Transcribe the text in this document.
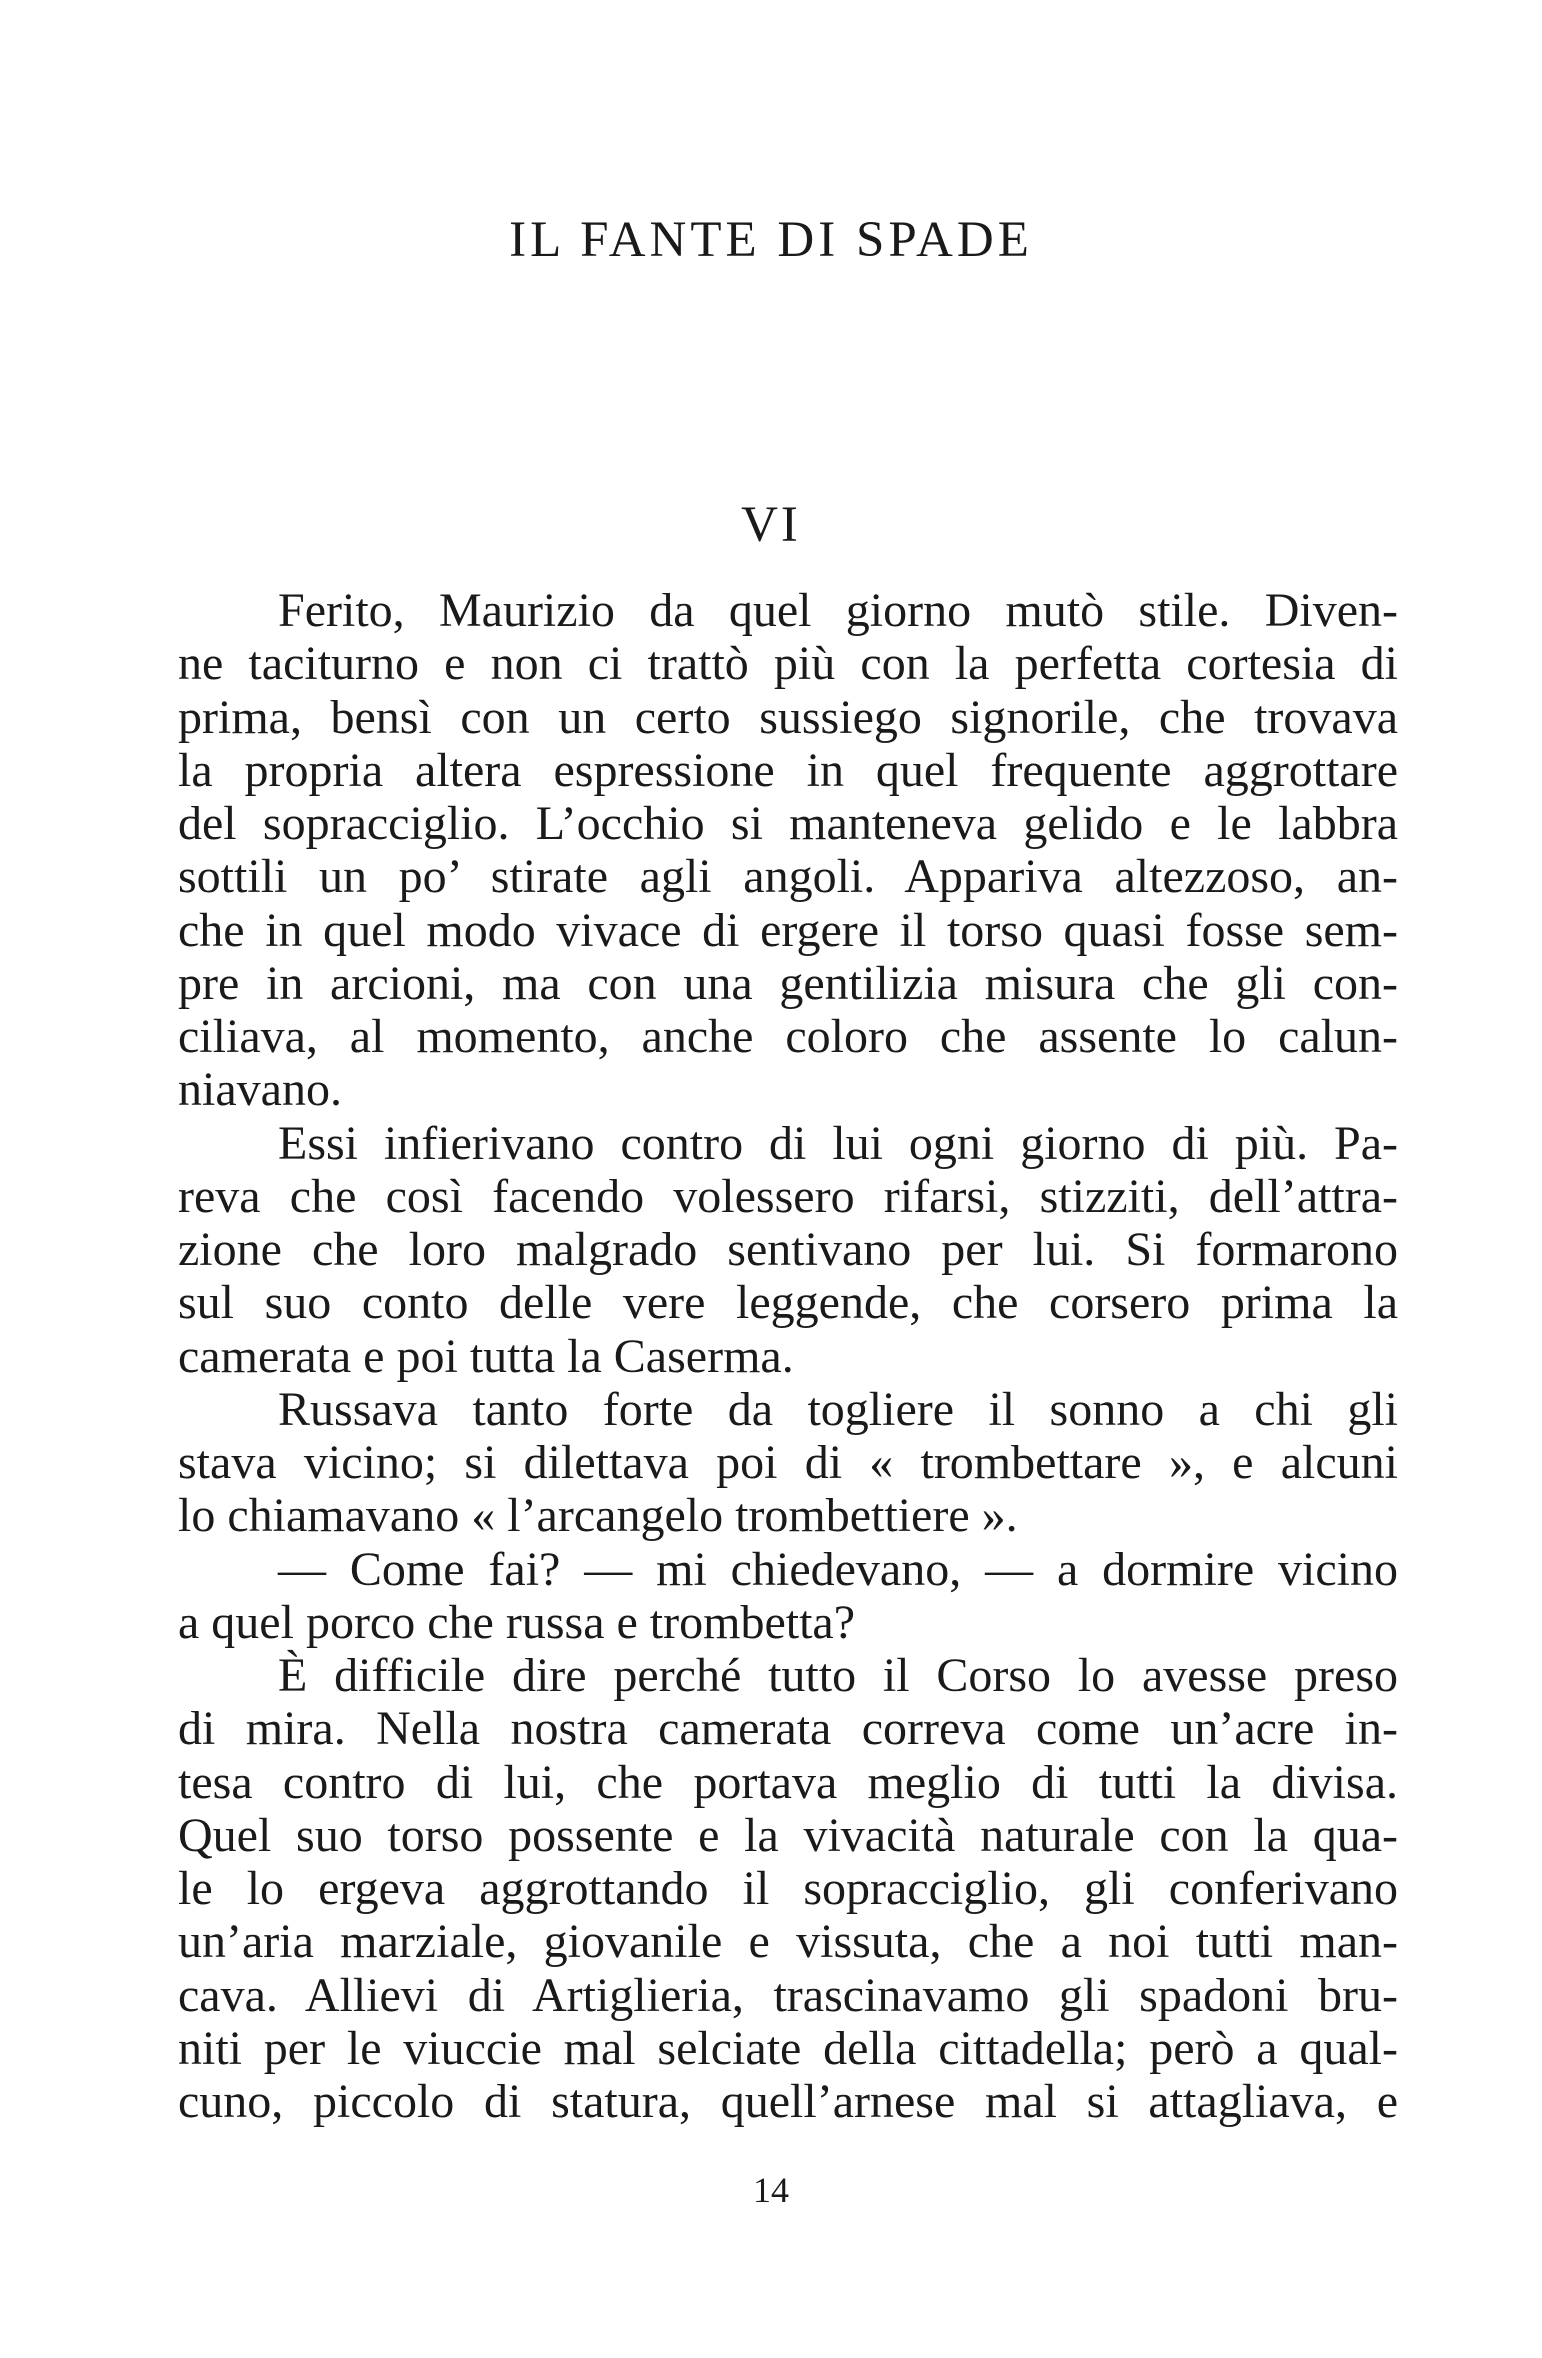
IL FANTE DI SPADE
VI
Ferito, Maurizio da quel giorno mutò stile. Diven-
ne taciturno e non ci trattò più con la perfetta cortesia di
prima, bensì con un certo sussiego signorile, che trovava
la propria altera espressione in quel frequente aggrottare
del sopracciglio. L’occhio si manteneva gelido e le labbra
sottili un po’ stirate agli angoli. Appariva altezzoso, an-
che in quel modo vivace di ergere il torso quasi fosse sem-
pre in arcioni, ma con una gentilizia misura che gli con-
ciliava, al momento, anche coloro che assente lo calun-
niavano.
Essi infierivano contro di lui ogni giorno di più. Pa-
reva che così facendo volessero rifarsi, stizziti, dell’attra-
zione che loro malgrado sentivano per lui. Si formarono
sul suo conto delle vere leggende, che corsero prima la
camerata e poi tutta la Caserma.
Russava tanto forte da togliere il sonno a chi gli
stava vicino; si dilettava poi di « trombettare », e alcuni
lo chiamavano « l’arcangelo trombettiere ».
— Come fai? — mi chiedevano, — a dormire vicino
a quel porco che russa e trombetta?
È difficile dire perché tutto il Corso lo avesse preso
di mira. Nella nostra camerata correva come un’acre in-
tesa contro di lui, che portava meglio di tutti la divisa.
Quel suo torso possente e la vivacità naturale con la qua-
le lo ergeva aggrottando il sopracciglio, gli conferivano
un’aria marziale, giovanile e vissuta, che a noi tutti man-
cava. Allievi di Artiglieria, trascinavamo gli spadoni bru-
niti per le viuccie mal selciate della cittadella; però a qual-
cuno, piccolo di statura, quell’arnese mal si attagliava, e
14
